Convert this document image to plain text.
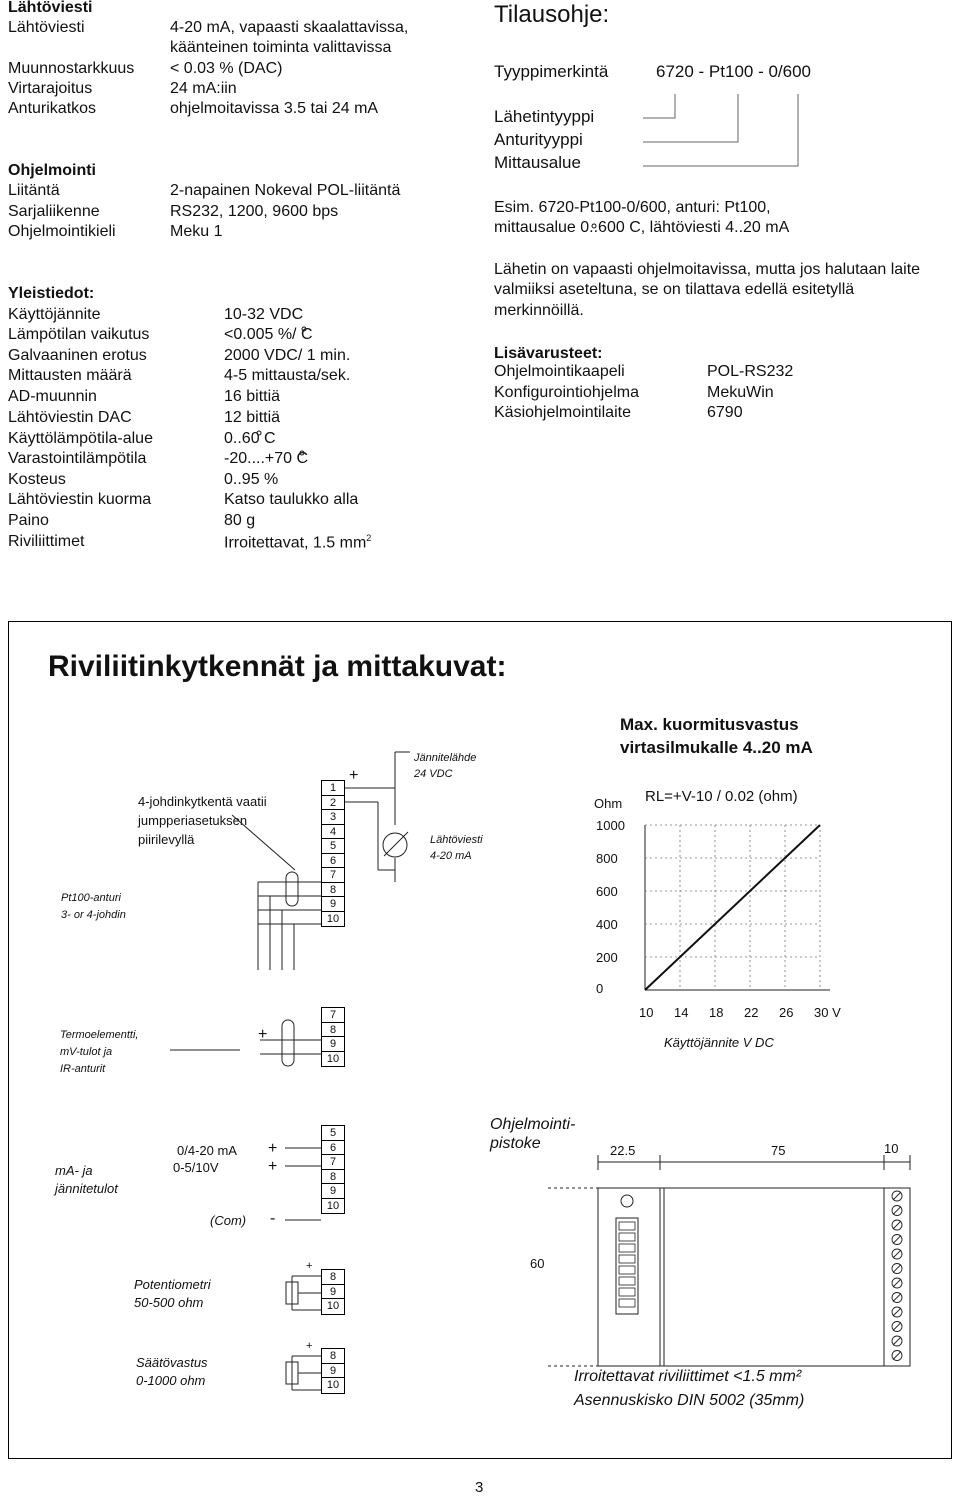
Lähtöviesti
Lähtöviesti	4-20 mA, vapaasti skaalattavissa,
käänteinen toiminta valittavissa
Muunnostarkkuus < 0.03 % (DAC)
Virtarajoitus	24 mA:iin
Anturikatkos	ohjelmoitavissa 3.5 tai 24 mA
Ohjelmointi
Liitäntä	2-napainen Nokeval POL-liitäntä
Sarjaliikenne	RS232, 1200, 9600 bps
Ohjelmointikieli	Meku 1
Yleistiedot:
Käyttöjännite	10-32 VDC
Lämpötilan vaikutus	<0.005 %/ C
Galvaaninen erotus	2000 VDC/ 1 min.
Mittausten määrä	4-5 mittausta/sek.
AD-muunnin	16 bittiä
Lähtöviestin DAC	12 bittiä
Käyttölämpötila-alue	0..60 C
Varastointilämpötila	-20....+70 C
Kosteus	0..95 %
Lähtöviestin kuorma	Katso taulukko alla
Paino	80 g
Riviliittimet	Irroitettavat, 1.5 $mm^2$
Tilausohje:
Tyyppimerkintä	6720 - Pt100 - 0/600
Lähetintyyppi
Anturityyppi
Mittausalue
Esim. 6720-Pt100-0/600, anturi: Pt100,
mittausalue 0..600 C, lähtöviesti 4..20 mA
Lähetin on vapaasti ohjelmoitavissa, mutta jos halutaan laite
valmiiksi aseteltuna, se on tilattava edellä esitetyllä
merkinnöillä.
Lisävarusteet:
Ohjelmointikaapeli	POL-RS232
Konfigurointiohjelma	MekuWin
Käsiohjelmointilaite	6790
Riviliitinkytkennät ja mittakuvat:
4-johdinkytkentä vaatii
jumpperiasetuksen
piirilevyllä
Pt100-anturi
3- or 4-johdin
Jännitelähde
24 VDC
Lähtöviesti
4-20 mA
+
1
2
3
4
5
6
7
8
9
10
Termoelementti,
mV-tulot ja
IR-anturit
+
7
8
9
10
mA- ja
jännitetulot
0/4-20 mA
0-5/10V
(Com)
+
+
-
5
6
7
8
9
10
Potentiometri
50-500 ohm
+
8
9
10
Säätövastus
0-1000 ohm
+
8
9
10
Max. kuormitusvastus
virtasilmukalle 4..20 mA
RL=+V-10 / 0.02 (ohm)
Ohm
1000
800
600
400
200
0
10 14 18 22 26 30 V
Käyttöjännite V DC
Ohjelmointi-
pistoke	22.5	75	10
60
Irroitettavat riviliittimet <1.5 mm²
Asennuskisko DIN 5002 (35mm)
3
